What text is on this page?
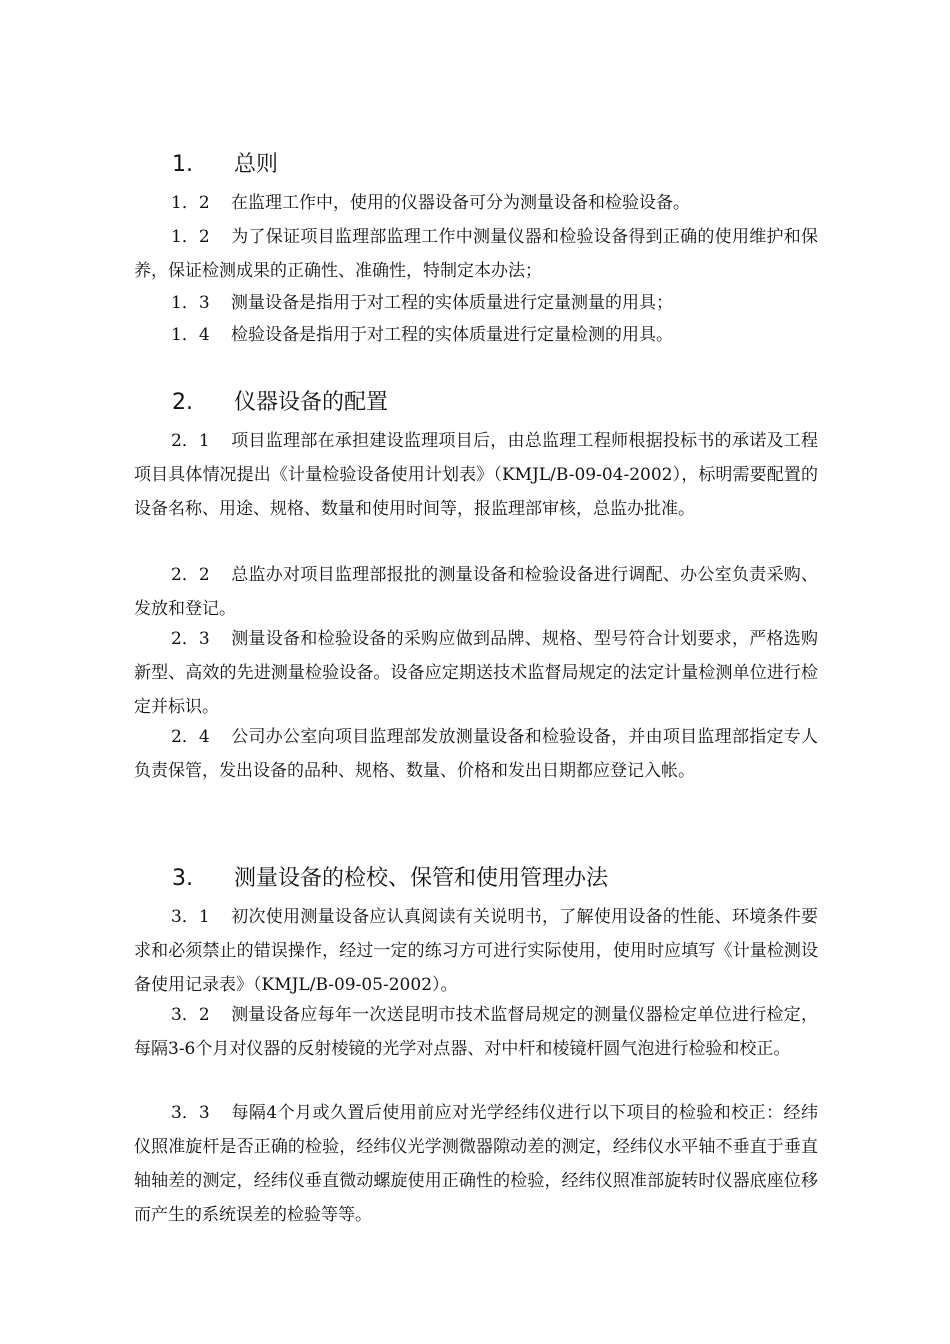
1. 总则

1．2 在监理工作中，使用的仪器设备可分为测量设备和检验设备。

1．2 为了保证项目监理部监理工作中测量仪器和检验设备得到正确的使用维护和保养，保证检测成果的正确性、准确性，特制定本办法；

1．3 测量设备是指用于对工程的实体质量进行定量测量的用具；

1．4 检验设备是指用于对工程的实体质量进行定量检测的用具。

2. 仪器设备的配置

2．1 项目监理部在承担建设监理项目后，由总监理工程师根据投标书的承诺及工程项目具体情况提出《计量检验设备使用计划表》（KMJL/B-09-04-2002），标明需要配置的设备名称、用途、规格、数量和使用时间等，报监理部审核，总监办批准。

2．2 总监办对项目监理部报批的测量设备和检验设备进行调配、办公室负责采购、发放和登记。

2．3 测量设备和检验设备的采购应做到品牌、规格、型号符合计划要求，严格选购新型、高效的先进测量检验设备。设备应定期送技术监督局规定的法定计量检测单位进行检定并标识。

2．4 公司办公室向项目监理部发放测量设备和检验设备，并由项目监理部指定专人负责保管，发出设备的品种、规格、数量、价格和发出日期都应登记入帐。

3. 测量设备的检校、保管和使用管理办法

3．1 初次使用测量设备应认真阅读有关说明书，了解使用设备的性能、环境条件要求和必须禁止的错误操作，经过一定的练习方可进行实际使用，使用时应填写《计量检测设备使用记录表》（KMJL/B-09-05-2002）。

3．2 测量设备应每年一次送昆明市技术监督局规定的测量仪器检定单位进行检定，每隔3-6个月对仪器的反射棱镜的光学对点器、对中杆和棱镜杆圆气泡进行检验和校正。

3．3 每隔4个月或久置后使用前应对光学经纬仪进行以下项目的检验和校正：经纬仪照准旋杆是否正确的检验，经纬仪光学测微器隙动差的测定，经纬仪水平轴不垂直于垂直轴轴差的测定，经纬仪垂直微动螺旋使用正确性的检验，经纬仪照准部旋转时仪器底座位移而产生的系统误差的检验等等。
